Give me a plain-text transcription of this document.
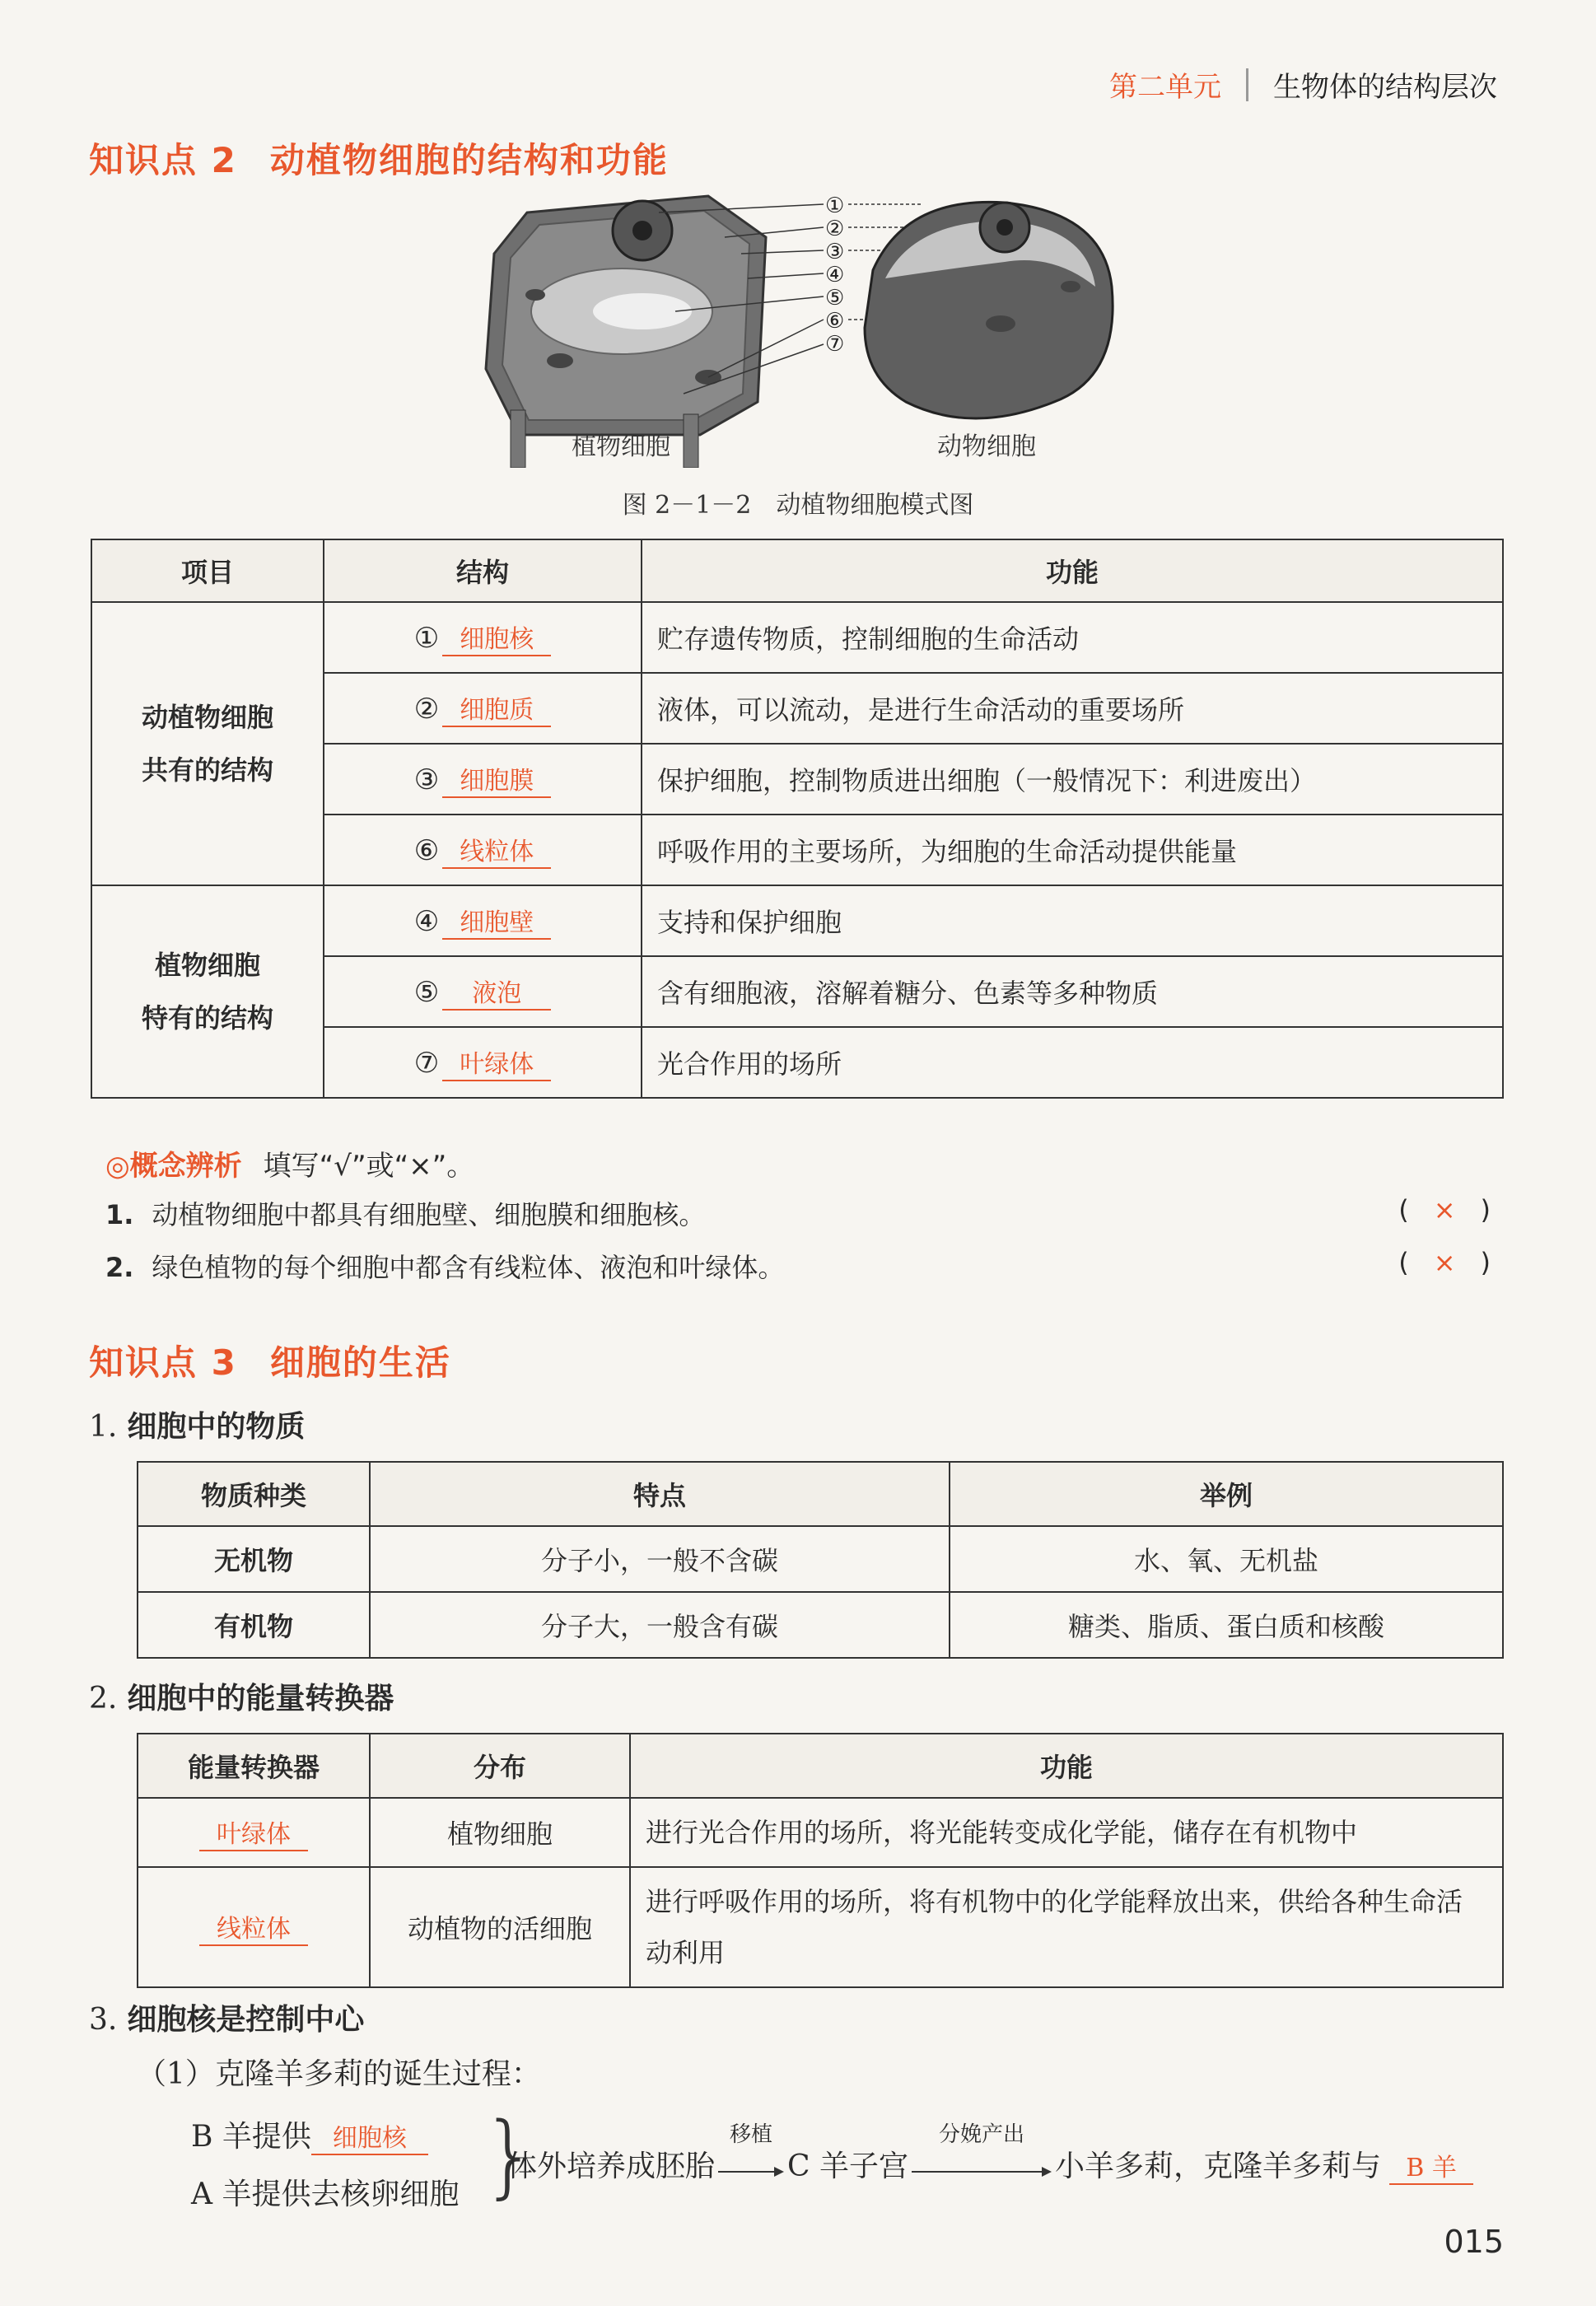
第二单元 生物体的结构层次
知识点 2 动植物细胞的结构和功能
①
②
③
④
⑤
⑥
⑦
植物细胞	动物细胞
图 2－1－2　动植物细胞模式图
项目	结构	功能

动植物细胞
共有的结构	① 细胞核	贮存遗传物质，控制细胞的生命活动
	② 细胞质	液体，可以流动，是进行生命活动的重要场所
	③ 细胞膜	保护细胞，控制物质进出细胞（一般情况下：利进废出）
	⑥ 线粒体	呼吸作用的主要场所，为细胞的生命活动提供能量

植物细胞
特有的结构	④ 细胞壁	支持和保护细胞
	⑤ 液泡	含有细胞液，溶解着糖分、色素等多种物质
	⑦ 叶绿体	光合作用的场所
◎概念辨析 填写“√”或“×”。
1. 动植物细胞中都具有细胞壁、细胞膜和细胞核。	( × )
2. 绿色植物的每个细胞中都含有线粒体、液泡和叶绿体。	( × )
知识点 3 细胞的生活
1. 细胞中的物质
物质种类	特点	举例
无机物	分子小，一般不含碳	水、氧、无机盐
有机物	分子大，一般含有碳	糖类、脂质、蛋白质和核酸
2. 细胞中的能量转换器
能量转换器	分布	功能
叶绿体	植物细胞	进行光合作用的场所，将光能转变成化学能，储存在有机物中
线粒体	动植物的活细胞	进行呼吸作用的场所，将有机物中的化学能释放出来，供给各种生命活动利用
3. 细胞核是控制中心
（1）克隆羊多莉的诞生过程：
B 羊提供 细胞核
A 羊提供去核卵细胞 }
体外培养成胚胎
移植
C 羊子宫
分娩产出
小羊多莉，克隆羊多莉与 B 羊
015
